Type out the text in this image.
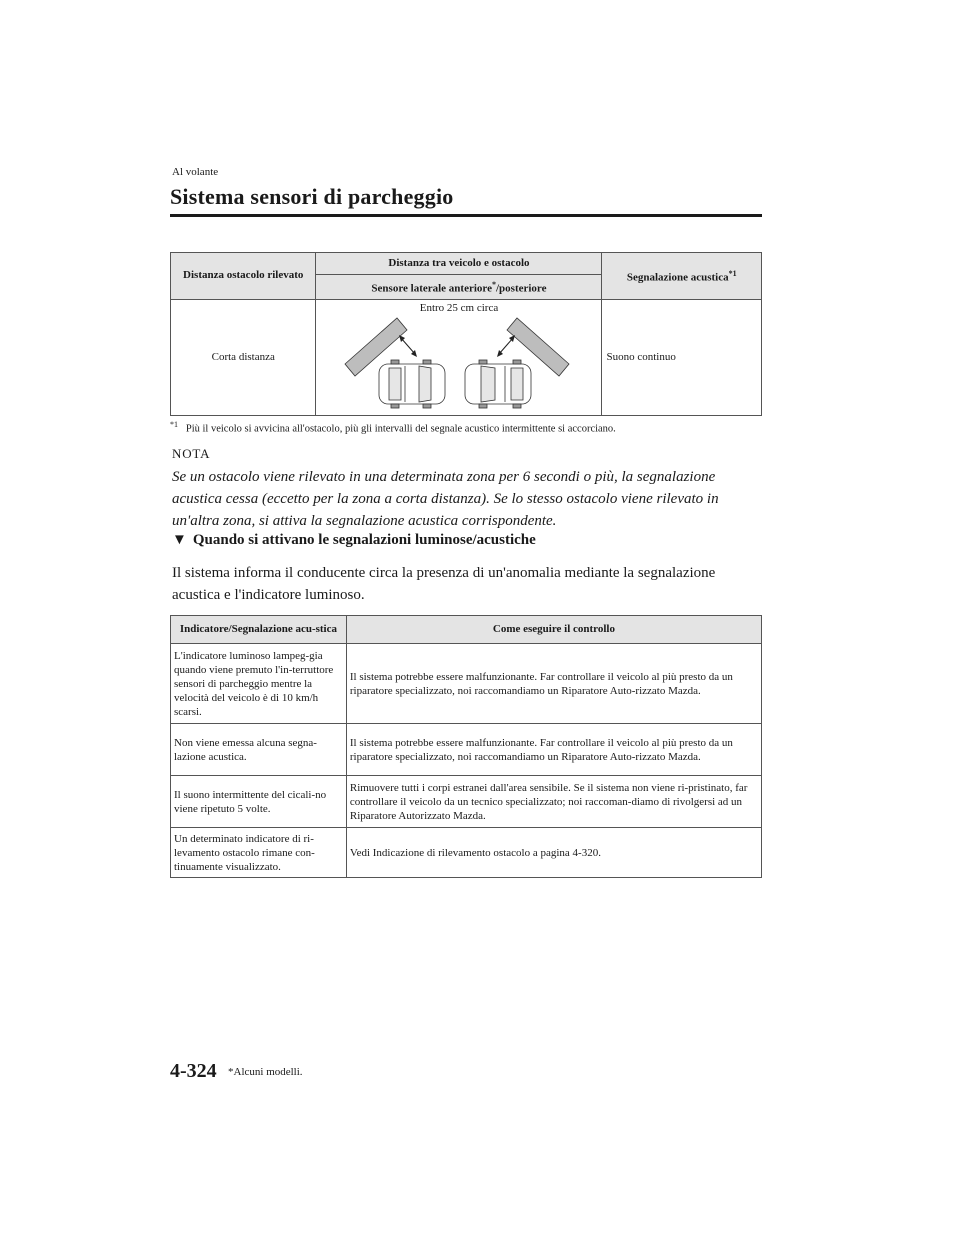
Al volante
Sistema sensori di parcheggio
Distanza ostacolo rilevato	Distanza tra veicolo e ostacolo	Segnalazione acustica$^{*1}$
	Sensore laterale anteriore*/posteriore	
Corta distanza	Entro 25 cm circa	Suono continuo
$^{*1}$ Più il veicolo si avvicina all'ostacolo, più gli intervalli del segnale acustico intermittente si accorciano.
NOTA
Se un ostacolo viene rilevato in una determinata zona per 6 secondi o più, la segnalazione acustica cessa (eccetto per la zona a corta distanza). Se lo stesso ostacolo viene rilevato in un'altra zona, si attiva la segnalazione acustica corrispondente.
▼ Quando si attivano le segnalazioni luminose/acustiche
Il sistema informa il conducente circa la presenza di un'anomalia mediante la segnalazione acustica e l'indicatore luminoso.
Indicatore/Segnalazione acu-stica	Come eseguire il controllo
L'indicatore luminoso lampeg-gia quando viene premuto l'in-terruttore sensori di parcheggio mentre la velocità del veicolo è di 10 km/h scarsi.	Il sistema potrebbe essere malfunzionante. Far controllare il veicolo al più presto da un riparatore specializzato, noi raccomandiamo un Riparatore Auto-rizzato Mazda.
Non viene emessa alcuna segna-lazione acustica.	Il sistema potrebbe essere malfunzionante. Far controllare il veicolo al più presto da un riparatore specializzato, noi raccomandiamo un Riparatore Auto-rizzato Mazda.
Il suono intermittente del cicali-no viene ripetuto 5 volte.	Rimuovere tutti i corpi estranei dall'area sensibile. Se il sistema non viene ri-pristinato, far controllare il veicolo da un tecnico specializzato; noi raccoman-diamo di rivolgersi ad un Riparatore Autorizzato Mazda.
Un determinato indicatore di ri-levamento ostacolo rimane con-tinuamente visualizzato.	Vedi Indicazione di rilevamento ostacolo a pagina 4-320.
4-324 *Alcuni modelli.
